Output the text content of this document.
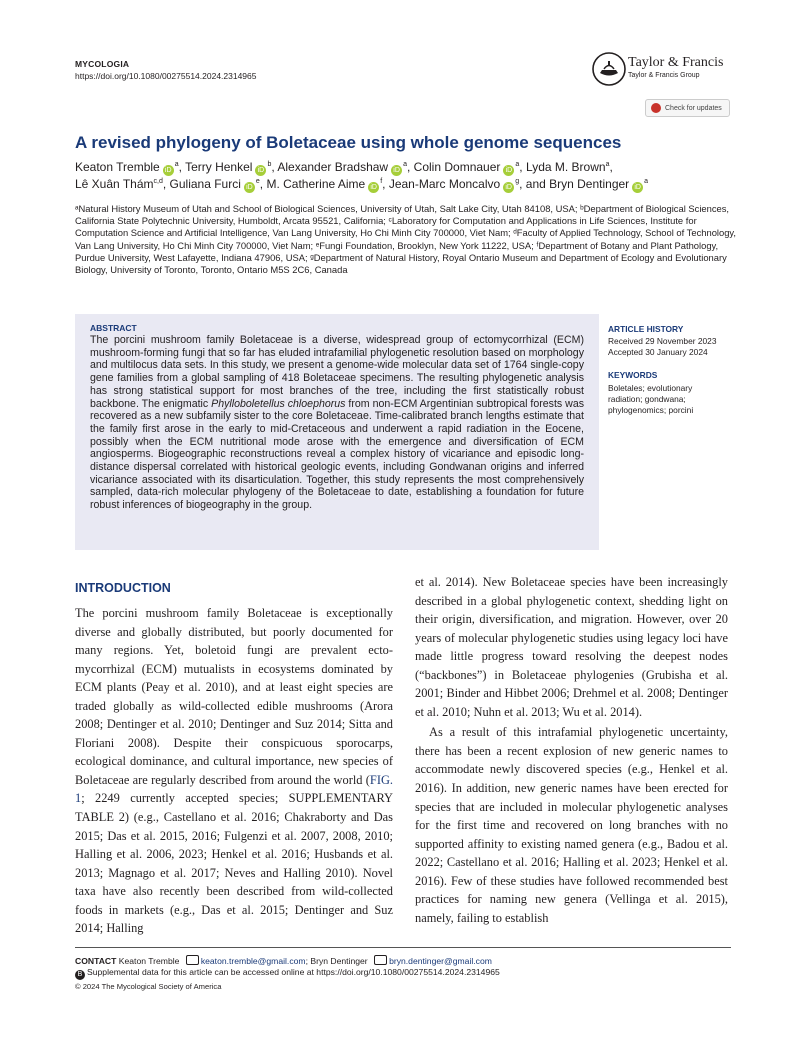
MYCOLOGIA
https://doi.org/10.1080/00275514.2024.2314965
Taylor & Francis
Taylor & Francis Group
Check for updates
A revised phylogeny of Boletaceae using whole genome sequences
Keaton Tremble $iD^a$, Terry Henkel $iD^b$, Alexander Bradshaw $iD^a$, Colin Domnauer $iD^a$, Lyda M. Brown$^a$,
Lê Xuân Thám$^{c,d}$, Guliana Furci $iD^e$, M. Catherine Aime $iD^f$, Jean-Marc Moncalvo $iD^g$, and Bryn Dentinger $iD^a$
ᵃNatural History Museum of Utah and School of Biological Sciences, University of Utah, Salt Lake City, Utah 84108, USA; ᵇDepartment of Biological Sciences, California State Polytechnic University, Humboldt, Arcata 95521, California; ᶜLaboratory for Computation and Applications in Life Sciences, Institute for Computation Science and Artificial Intelligence, Van Lang University, Ho Chi Minh City 700000, Viet Nam; ᵈFaculty of Applied Technology, School of Technology, Van Lang University, Ho Chi Minh City 700000, Viet Nam; ᵉFungi Foundation, Brooklyn, New York 11222, USA; ᶠDepartment of Botany and Plant Pathology, Purdue University, West Lafayette, Indiana 47906, USA; ᵍDepartment of Natural History, Royal Ontario Museum and Department of Ecology and Evolutionary Biology, University of Toronto, Toronto, Ontario M5S 2C6, Canada
ABSTRACT
The porcini mushroom family Boletaceae is a diverse, widespread group of ectomycorrhizal (ECM) mushroom-forming fungi that so far has eluded intrafamilial phylogenetic resolution based on morphology and multilocus data sets. In this study, we present a genome-wide molecular data set of 1764 single-copy gene families from a global sampling of 418 Boletaceae specimens. The resulting phylogenetic analysis has strong statistical support for most branches of the tree, including the first statistically robust backbone. The enigmatic Phylloboletellus chloephorus from non-ECM Argentinian subtropical forests was recovered as a new subfamily sister to the core Boletaceae. Time-calibrated branch lengths estimate that the family first arose in the early to mid-Cretaceous and underwent a rapid radiation in the Eocene, possibly when the ECM nutritional mode arose with the emergence and diversification of ECM angiosperms. Biogeographic reconstructions reveal a complex history of vicariance and episodic long-distance dispersal correlated with historical geologic events, including Gondwanan origins and inferred vicariance associated with its disarticulation. Together, this study represents the most comprehensively sampled, data-rich molecular phylogeny of the Boletaceae to date, establishing a foundation for future robust inferences of biogeography in the group.
ARTICLE HISTORY
Received 29 November 2023
Accepted 30 January 2024
KEYWORDS
Boletales; evolutionary radiation; gondwana; phylogenomics; porcini
INTRODUCTION

The porcini mushroom family Boletaceae is exceptionally diverse and globally distributed, but poorly documented for many regions. Yet, boletoid fungi are prevalent ecto-mycorrhizal (ECM) mutualists in ecosystems dominated by ECM plants (Peay et al. 2010), and at least eight species are traded globally as wild-collected edible mushrooms (Arora 2008; Dentinger et al. 2010; Dentinger and Suz 2014; Sitta and Floriani 2008). Despite their conspicuous sporocarps, ecological dominance, and cultural importance, new species of Boletaceae are regularly described from around the world (FIG. 1; 2249 currently accepted species; SUPPLEMENTARY TABLE 2) (e.g., Castellano et al. 2016; Chakraborty and Das 2015; Das et al. 2015, 2016; Fulgenzi et al. 2007, 2008, 2010; Halling et al. 2006, 2023; Henkel et al. 2016; Husbands et al. 2013; Magnago et al. 2017; Neves and Halling 2010). Novel taxa have also recently been described from wild-collected foods in markets (e.g., Das et al. 2015; Dentinger and Suz 2014; Halling

et al. 2014). New Boletaceae species have been increasingly described in a global phylogenetic context, shedding light on their origin, diversification, and migration. However, over 20 years of molecular phylogenetic studies using legacy loci have made little progress toward resolving the deepest nodes (“backbones”) in Boletaceae phylogenies (Grubisha et al. 2001; Binder and Hibbet 2006; Drehmel et al. 2008; Dentinger et al. 2010; Nuhn et al. 2013; Wu et al. 2014).

As a result of this intrafamial phylogenetic uncertainty, there has been a recent explosion of new generic names to accommodate newly discovered species (e.g., Henkel et al. 2016). In addition, new generic names have been erected for species that are included in molecular phylogenetic analyses for the first time and recovered on long branches with no supported affinity to existing named genera (e.g., Badou et al. 2022; Castellano et al. 2016; Halling et al. 2023; Henkel et al. 2016). Few of these studies have followed recommended best practices for naming new genera (Vellinga et al. 2015), namely, failing to establish

CONTACT Keaton Tremble keaton.tremble@gmail.com; Bryn Dentinger bryn.dentinger@gmail.com
B Supplemental data for this article can be accessed online at https://doi.org/10.1080/00275514.2024.2314965
© 2024 The Mycological Society of America
